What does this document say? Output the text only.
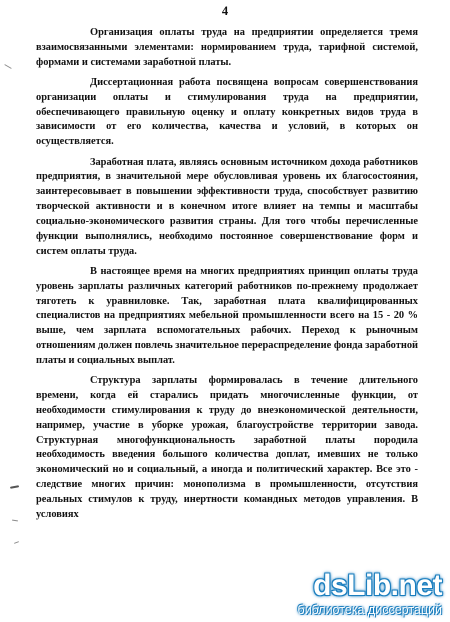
4

Организация оплаты труда на предприятии определяется тремя взаимосвязанными элементами: нормированием труда, тарифной системой, формами и системами заработной платы.

Диссертационная работа посвящена вопросам совершенствования организации оплаты и стимулирования труда на предприятии, обеспечивающего правильную оценку и оплату конкретных видов труда в зависимости от его количества, качества и условий, в которых он осуществляется.

Заработная плата, являясь основным источником дохода работников предприятия, в значительной мере обусловливая уровень их благосостояния, заинтересовывает в повышении эффективности труда, способствует развитию творческой активности и в конечном итоге влияет на темпы и масштабы социально-экономического развития страны. Для того чтобы перечисленные функции выполнялись, необходимо постоянное совершенствование форм и систем оплаты труда.

В настоящее время на многих предприятиях принцип оплаты труда уровень зарплаты различных категорий работников по-прежнему продолжает тяготеть к уравниловке. Так, заработная плата квалифицированных специалистов на предприятиях мебельной промышленности всего на 15 - 20 % выше, чем зарплата вспомогательных рабочих. Переход к рыночным отношениям должен повлечь значительное перераспределение фонда заработной платы и социальных выплат.

Структура зарплаты формировалась в течение длительного времени, когда ей старались придать многочисленные функции, от необходимости стимулирования к труду до внеэкономической деятельности, например, участие в уборке урожая, благоустройстве территории завода. Структурная многофункциональность заработной платы породила необходимость введения большого количества доплат, имевших не только экономический но и социальный, а иногда и политический характер. Все это - следствие многих причин: монополизма в промышленности, отсутствия реальных стимулов к труду, инертности командных методов управления. В условиях

dsLib.net
библиотека диссертаций
